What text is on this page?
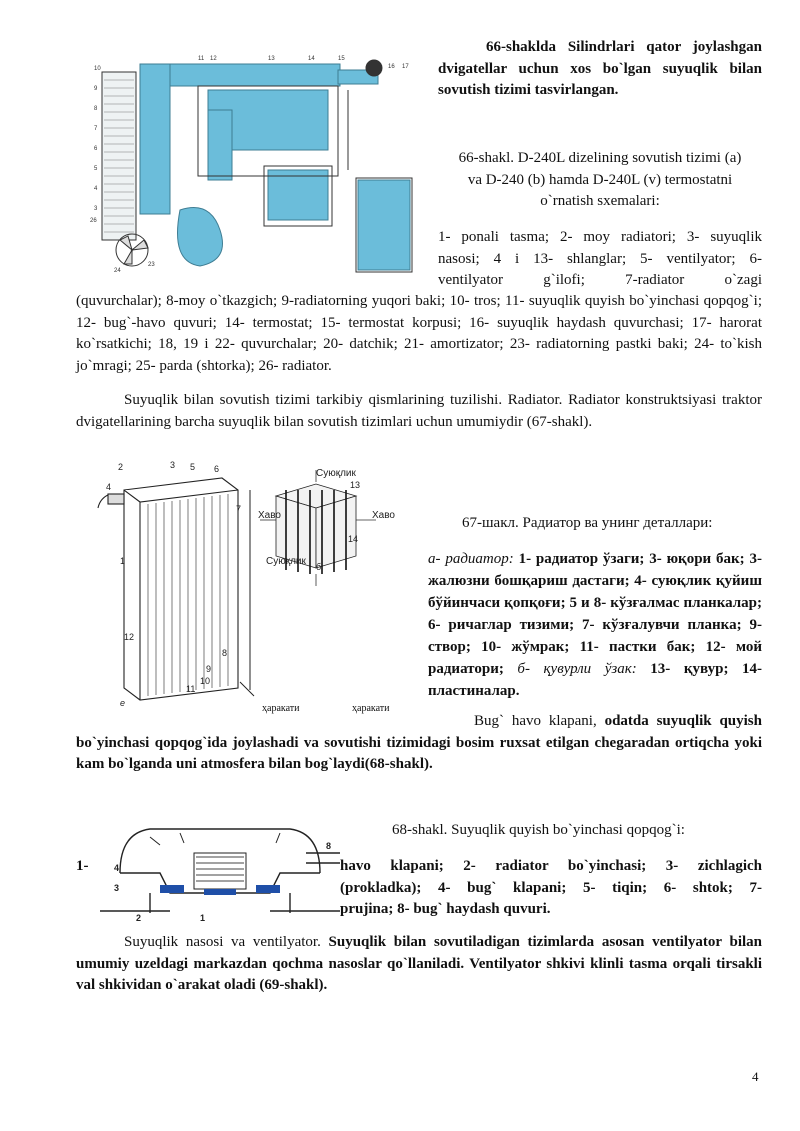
10
9
8
7
6
5
4
3
26
24
23
11 12	13	14	15
16 17
66-shaklda Silindrlari qator joylashgan dvigatellar uchun xos bo`lgan suyuqlik bilan sovutish tizimi tasvirlangan.
66-shakl. D-240L dizelining sovutish tizimi (a)
va D-240 (b) hamda D-240L (v) termostatni
o`rnatish sxemalari:
1- ponali tasma; 2- moy radiatori; 3- suyuqlik
nasosi; 4 i 13- shlanglar; 5- ventilyator; 6-
ventilyator g`ilofi; 7-radiator o`zagi
(quvurchalar); 8-moy o`tkazgich; 9-radiatorning yuqori baki; 10- tros; 11- suyuqlik quyish bo`yinchasi qopqog`i; 12- bug`-havo quvuri; 14- termostat; 15- termostat korpusi; 16- suyuqlik haydash quvurchasi; 17- harorat ko`rsatkichi; 18, 19 i 22- quvurchalar; 20- datchik; 21- amortizator; 23- radiatorning pastki baki; 24- to`kish jo`mragi; 25- parda (shtorka); 26- radiator.
Suyuqlik bilan sovutish tizimi tarkibiy qismlarining tuzilishi. Radiator. Radiator konstruktsiyasi traktor dvigatellarining barcha suyuqlik bilan sovutish tizimlari uchun umumiydir (67-shakl).
2	3 5 6
4
7
1
12
8
9
10
11
e
13
14
б
Суюқлик
Хаво	Хаво
Суюқлик
ҳаракати	ҳаракати
67-шакл. Радиатор ва унинг деталлари:
a- радиатор: 1- радиатор ўзаги; 3- юқори бак; 3-жалюзни бошқариш дастаги; 4- суюқлик қуйиш бўйинчаси қопқоғи; 5 и 8- кўзғалмас планкалар; 6- ричаглар тизими; 7- кўзғалувчи планка; 9- створ; 10- жўмрак; 11- пастки бак; 12- мой радиатори; б- қувурли ўзак: 13- қувур; 14- пластиналар.
Bug` havo klapani, odatda suyuqlik quyish bo`yinchasi qopqog`ida joylashadi va sovutishi tizimidagi bosim ruxsat etilgan chegaradan ortiqcha yoki kam bo`lganda uni atmosfera bilan bog`laydi(68-shakl).
4
3
2	1
8
68-shakl. Suyuqlik quyish bo`yinchasi qopqog`i:
1-	havo klapani; 2- radiator bo`yinchasi; 3- zichlagich
(prokladka); 4- bug` klapani; 5- tiqin; 6- shtok; 7-
prujina; 8- bug` haydash quvuri.
Suyuqlik nasosi va ventilyator. Suyuqlik bilan sovutiladigan tizimlarda asosan ventilyator bilan umumiy uzeldagi markazdan qochma nasoslar qo`llaniladi. Ventilyator shkivi klinli tasma orqali tirsakli val shkividan o`arakat oladi (69-shakl).
4
